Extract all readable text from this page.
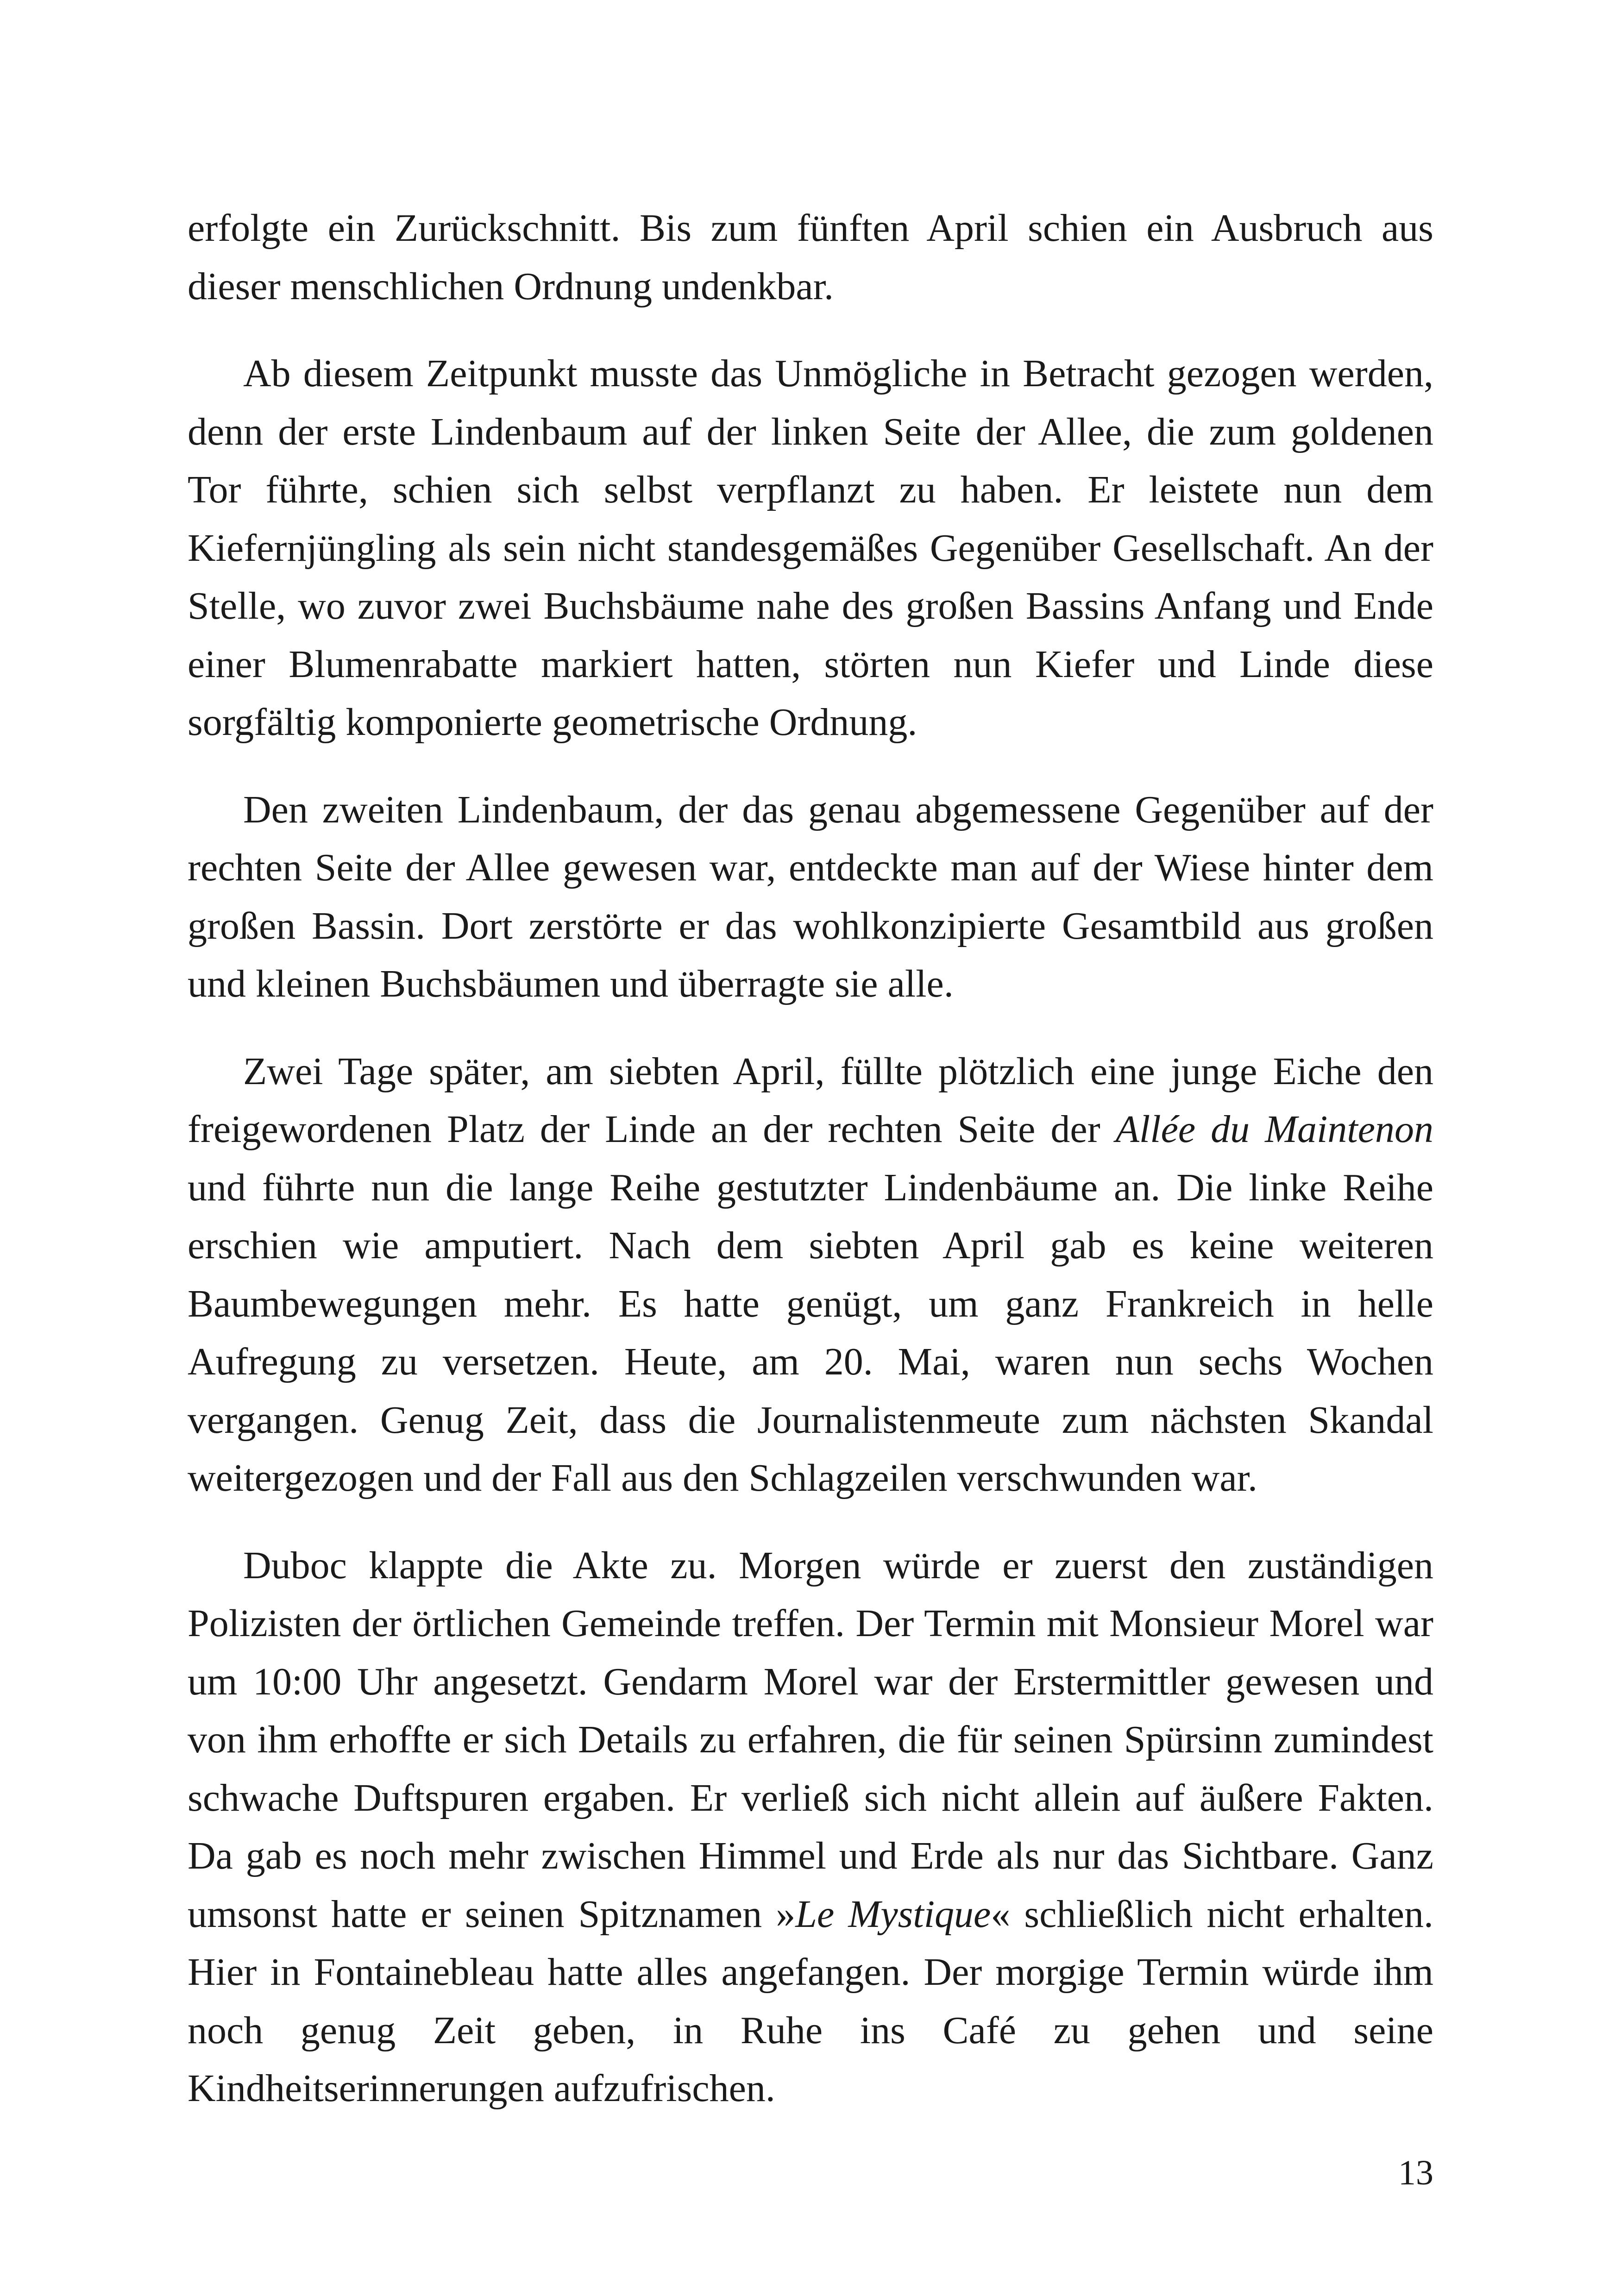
erfolgte ein Zurückschnitt. Bis zum fünften April schien ein Ausbruch aus dieser menschlichen Ordnung undenkbar.

Ab diesem Zeitpunkt musste das Unmögliche in Betracht gezogen werden, denn der erste Lindenbaum auf der linken Seite der Allee, die zum goldenen Tor führte, schien sich selbst verpflanzt zu haben. Er leistete nun dem Kiefernjüngling als sein nicht standesgemäßes Gegenüber Gesellschaft. An der Stelle, wo zuvor zwei Buchsbäume nahe des großen Bassins Anfang und Ende einer Blumenrabatte markiert hatten, störten nun Kiefer und Linde diese sorgfältig komponierte geometrische Ordnung.

Den zweiten Lindenbaum, der das genau abgemessene Gegenüber auf der rechten Seite der Allee gewesen war, entdeckte man auf der Wiese hinter dem großen Bassin. Dort zerstörte er das wohlkonzipierte Gesamtbild aus großen und kleinen Buchsbäumen und überragte sie alle.

Zwei Tage später, am siebten April, füllte plötzlich eine junge Eiche den freigewordenen Platz der Linde an der rechten Seite der Allée du Maintenon und führte nun die lange Reihe gestutzter Lindenbäume an. Die linke Reihe erschien wie amputiert. Nach dem siebten April gab es keine weiteren Baumbewegungen mehr. Es hatte genügt, um ganz Frankreich in helle Aufregung zu versetzen. Heute, am 20. Mai, waren nun sechs Wochen vergangen. Genug Zeit, dass die Journalistenmeute zum nächsten Skandal weitergezogen und der Fall aus den Schlagzeilen verschwunden war.

Duboc klappte die Akte zu. Morgen würde er zuerst den zuständigen Polizisten der örtlichen Gemeinde treffen. Der Termin mit Monsieur Morel war um 10:00 Uhr angesetzt. Gendarm Morel war der Erstermittler gewesen und von ihm erhoffte er sich Details zu erfahren, die für seinen Spürsinn zumindest schwache Duftspuren ergaben. Er verließ sich nicht allein auf äußere Fakten. Da gab es noch mehr zwischen Himmel und Erde als nur das Sichtbare. Ganz umsonst hatte er seinen Spitznamen »Le Mystique« schließlich nicht erhalten. Hier in Fontainebleau hatte alles angefangen. Der morgige Termin würde ihm noch genug Zeit geben, in Ruhe ins Café zu gehen und seine Kindheitserinnerungen aufzufrischen.

13
